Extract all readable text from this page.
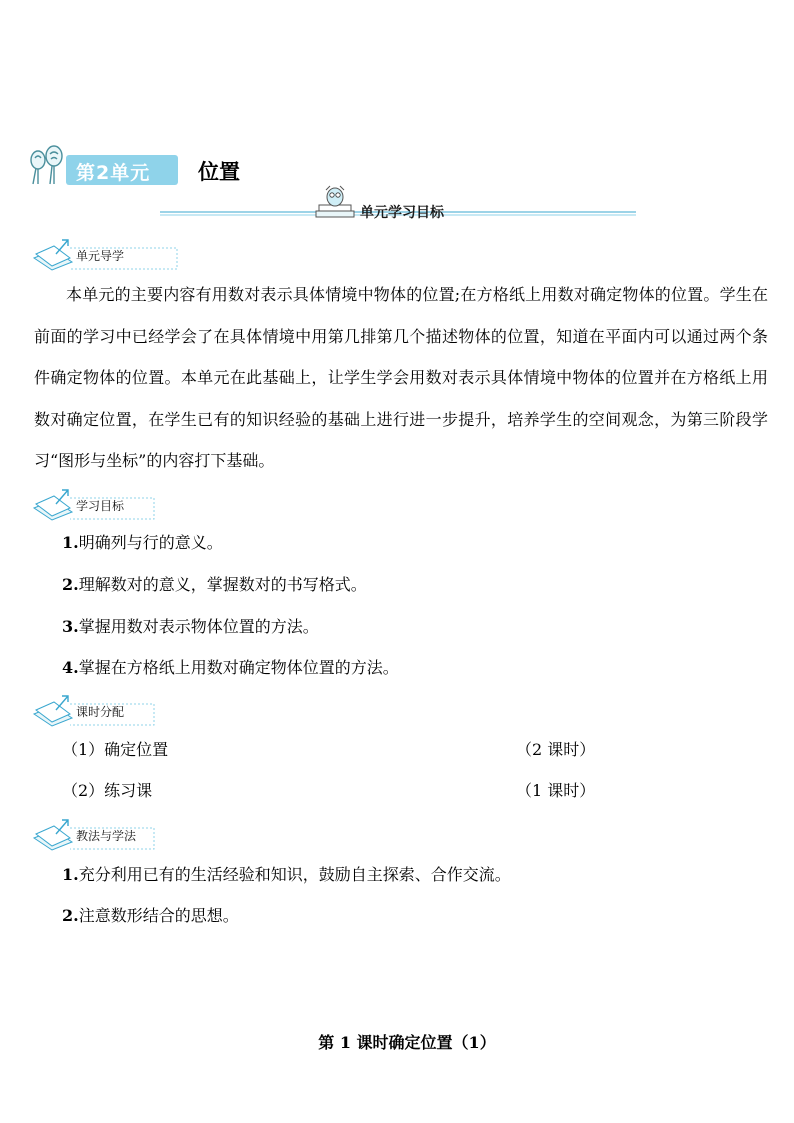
第2单元 位置
单元学习目标
单元导学
本单元的主要内容有用数对表示具体情境中物体的位置;在方格纸上用数对确定物体的位置。学生在前面的学习中已经学会了在具体情境中用第几排第几个描述物体的位置，知道在平面内可以通过两个条件确定物体的位置。本单元在此基础上，让学生学会用数对表示具体情境中物体的位置并在方格纸上用数对确定位置，在学生已有的知识经验的基础上进行进一步提升，培养学生的空间观念，为第三阶段学习“图形与坐标”的内容打下基础。
学习目标
1.明确列与行的意义。
2.理解数对的意义，掌握数对的书写格式。
3.掌握用数对表示物体位置的方法。
4.掌握在方格纸上用数对确定物体位置的方法。
课时分配
（1）确定位置	（2 课时）
（2）练习课	（1 课时）
教法与学法
1.充分利用已有的生活经验和知识，鼓励自主探索、合作交流。
2.注意数形结合的思想。
第 1 课时确定位置（1）
